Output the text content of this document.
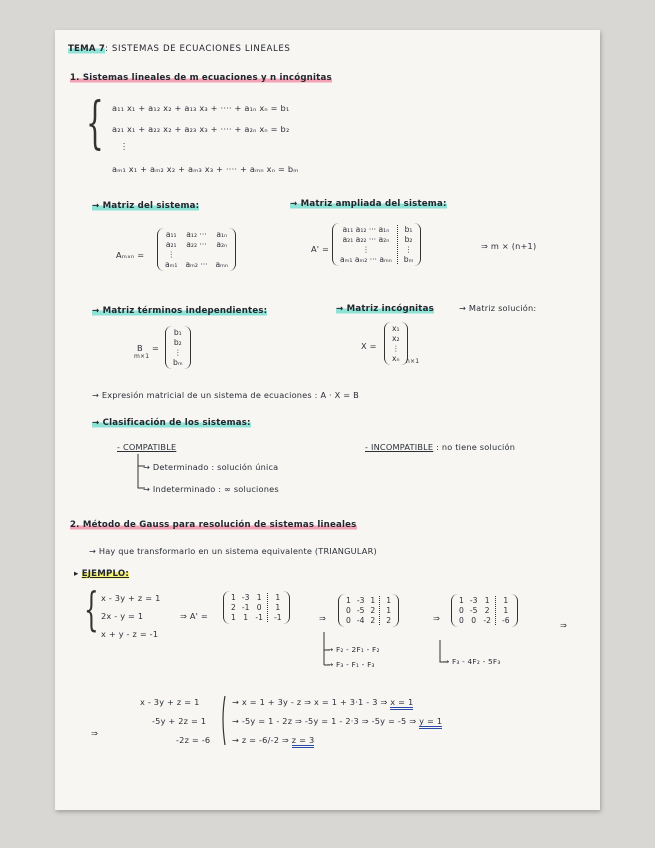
TEMA 7: SISTEMAS DE ECUACIONES LINEALES
1. Sistemas lineales de m ecuaciones y n incógnitas
{ a₁₁ x₁ + a₁₂ x₂ + a₁₃ x₃ + ···· + a₁ₙ xₙ = b₁
a₂₁ x₁ + a₂₂ x₂ + a₂₃ x₃ + ···· + a₂ₙ xₙ = b₂
⋮
aₘ₁ x₁ + aₘ₂ x₂ + aₘ₃ x₃ + ···· + aₘₙ xₙ = bₘ
→ Matriz del sistema:
Aₘₓₙ =
a₁₁ a₁₂ ··· a₁ₙ
a₂₁ a₂₂ ··· a₂ₙ
⋮
aₘ₁ aₘ₂ ··· aₘₙ
→ Matriz ampliada del sistema:
A' =
a₁₁ a₁₂ ··· a₁ₙ	b₁
a₂₁ a₂₂ ··· a₂ₙ	b₂
⋮	⋮
aₘ₁ aₘ₂ ··· aₘₙ	bₘ
⇒ m × (n+1)
→ Matriz términos independientes:
B
m×1
=
b₁
b₂
⋮
bₘ
→ Matriz incógnitas	→ Matriz solución:
X =
x₁
x₂
⋮
xₙ n×1
→ Expresión matricial de un sistema de ecuaciones : A · X = B
→ Clasificación de los sistemas:
- COMPATIBLE	- INCOMPATIBLE : no tiene solución
→ Determinado : solución única
→ Indeterminado : ∞ soluciones
2. Método de Gauss para resolución de sistemas lineales
→ Hay que transformarlo en un sistema equivalente (TRIANGULAR)
▸ EJEMPLO:
{ x - 3y + z = 1
2x - y = 1
x + y - z = -1
⇒ A' =
1 -3 1	1
2 -1 0	1
1 1 -1	-1	⇒
1 -3 1	1
0 -5 2	1
0 -4 2	2	⇒
1 -3 1	1
0 -5 2	1
0 0 -2	-6	⇒
→ F₂ - 2F₁ - F₂
→ F₃ - F₁ - F₃	→ F₃ - 4F₂ - 5F₃
x - 3y + z = 1
-5y + 2z = 1
-2z = -6
⇒
→ x = 1 + 3y - z ⇒ x = 1 + 3·1 - 3 ⇒ x = 1
→ -5y = 1 - 2z ⇒ -5y = 1 - 2·3 ⇒ -5y = -5 ⇒ y = 1
→ z = -6/-2 ⇒ z = 3
